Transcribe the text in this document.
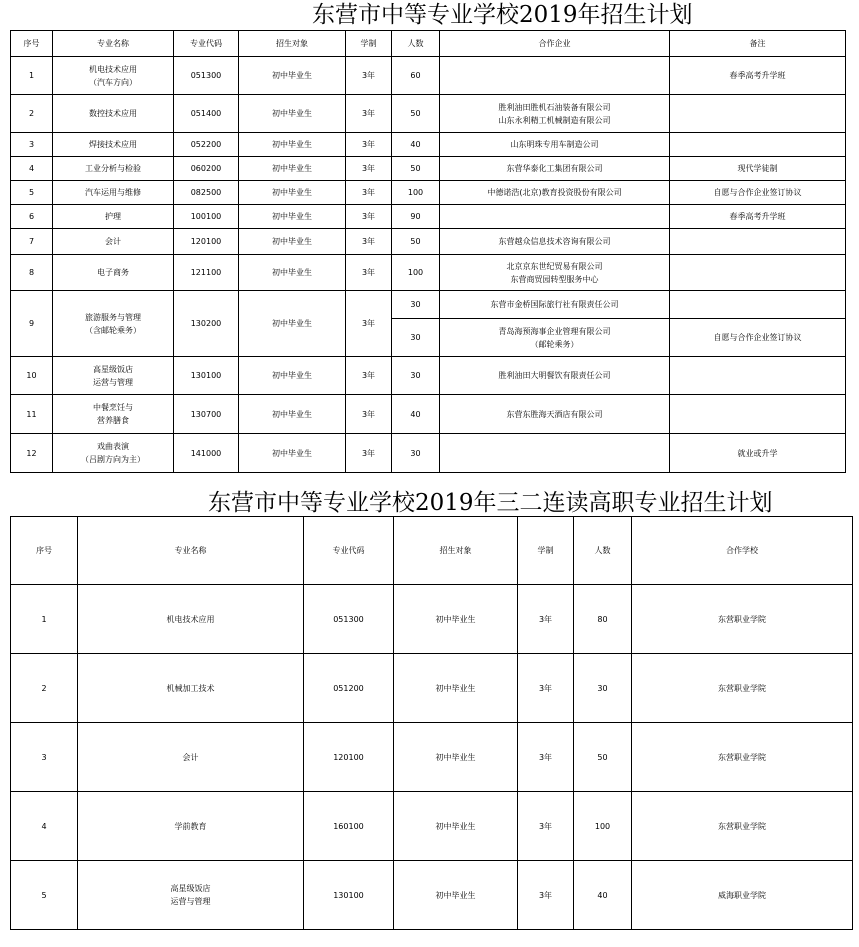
东营市中等专业学校2019年招生计划
序号	专业名称	专业代码	招生对象	学制	人数	合作企业	备注
1	机电技术应用
（汽车方向）	051300	初中毕业生	3年	60		春季高考升学班
2	数控技术应用	051400	初中毕业生	3年	50	胜利油田胜机石油装备有限公司
山东永利精工机械制造有限公司	

3	焊接技术应用	052200	初中毕业生	3年	40	山东明珠专用车制造公司	

4	工业分析与检验	060200	初中毕业生	3年	50	东营华泰化工集团有限公司	现代学徒制
5	汽车运用与维修	082500	初中毕业生	3年	100	中德诺浩(北京)教育投资股份有限公司	自愿与合作企业签订协议
6	护理	100100	初中毕业生	3年	90		春季高考升学班
7	会计	120100	初中毕业生	3年	50	东营越众信息技术咨询有限公司	

8	电子商务	121100	初中毕业生	3年	100	北京京东世纪贸易有限公司
东营商贸园转型服务中心	

9	旅游服务与管理
（含邮轮乘务）	130200	初中毕业生	3年	30	东营市金桥国际旅行社有限责任公司	

					30	青岛海预海事企业管理有限公司
（邮轮乘务）	自愿与合作企业签订协议
10	高星级饭店
运营与管理	130100	初中毕业生	3年	30	胜利油田大明餐饮有限责任公司	

11	中餐烹饪与
营养膳食	130700	初中毕业生	3年	40	东营东胜海天酒店有限公司	

12	戏曲表演
（吕剧方向为主）	141000	初中毕业生	3年	30		就业或升学
东营市中等专业学校2019年三二连读高职专业招生计划
序号	专业名称	专业代码	招生对象	学制	人数	合作学校
1	机电技术应用	051300	初中毕业生	3年	80	东营职业学院
2	机械加工技术	051200	初中毕业生	3年	30	东营职业学院
3	会计	120100	初中毕业生	3年	50	东营职业学院
4	学前教育	160100	初中毕业生	3年	100	东营职业学院
5	高星级饭店
运营与管理	130100	初中毕业生	3年	40	威海职业学院
